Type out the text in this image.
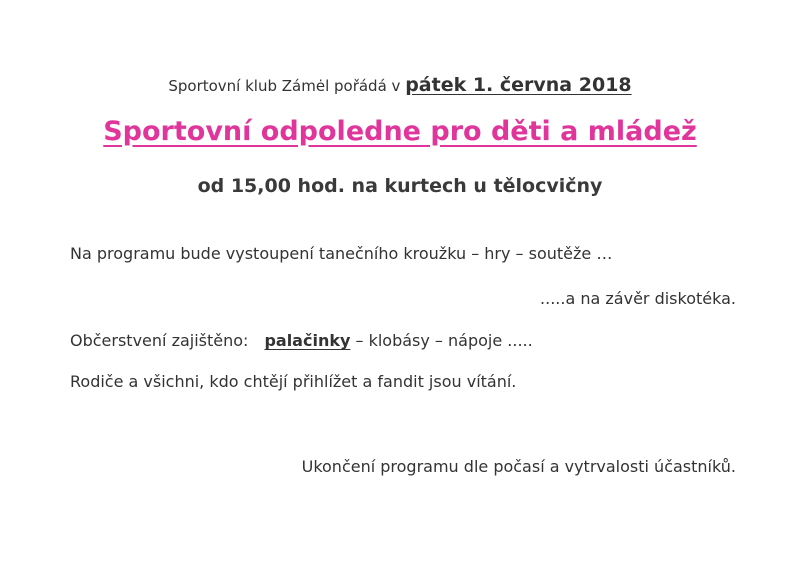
Sportovní klub Zámėl pořádá v pátek 1. června 2018
Sportovní odpoledne pro děti a mládež
od 15,00 hod. na kurtech u tělocvičny
Na programu bude vystoupení tanečního kroužku – hry – soutěže …
.....a na závěr diskotéka.
Občerstvení zajištěno: palačinky – klobásy – nápoje .....
Rodiče a všichni, kdo chtějí přihlížet a fandit jsou vítání.
Ukončení programu dle počasí a vytrvalosti účastníků.
